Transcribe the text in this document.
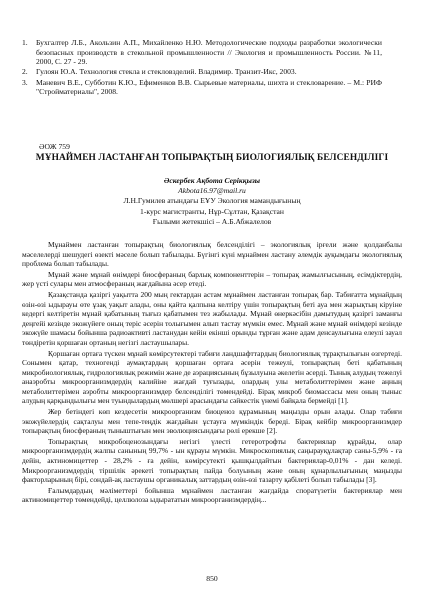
1.	Бухгалтер Л.Б., Акользин А.П., Михайленко Н.Ю. Методологические подходы разработки экологически безопасных производств в стекольной промышленности // Экология и промышленность России. №11, 2000, С. 27 - 29.
2.	Гулоян Ю.А. Технология стекла и стекловзделий. Владимир. Транзит-Икс, 2003.
3.	Маневич В.Е., Субботин К.Ю., Ефименков В.В. Сырьевые материалы, шихта и стекловарение. – М.: РИФ "Стройматериалы", 2008.
ӘОЖ 759
МҰНАЙМЕН ЛАСТАНҒАН ТОПЫРАҚТЫҢ БИОЛОГИЯЛЫҚ БЕЛСЕНДІЛІГІ
Әскербек Ақбота Серікқызы
Akbota16.97@mail.ru
Л.Н.Гумилев атындағы ЕҰУ Экология мамандығының
1-курс магистранты, Нұр-Сұлтан, Қазақстан
Ғылыми жетекшісі – А.Б.Абжалелов

Мұнаймен ластанған топырақтың биологиялық белсенділігі – экологиялық ірғели және қолданбалы мәселелерді шешудегі өзекті мәселе болып табылады. Бүгінгі күні мұнаймен ластану әлемдік ауқымдағы экологиялық проблема болып табылады.

Мұнай және мұнай өнімдері биосфераның барлық компоненттерін – топырақ жамылғысының, есімдіктердің, жер үсті сулары мен атмосфераның жағдайына әсер етеді.

Қазақстанда қазіргі уақытта 200 мың гектардан астам мұнаймен ластанған топырақ бар. Табиғатта мұнайдың өзін-өзі ыдырауы өте ұзақ уақыт алады, оны қайта қалпына келтіру үшін топырақтың беті ауа мен жарықтың кіруіне кедергі келтіретін мұнай қабатының тығыз қабатымен тез жабылады. Мұнай өнеркәсібін дамытудың қазіргі заманғы деңгейі кезінде экожүйеге оның теріс әсерін толығымен алып тастау мүмкін емес. Мұнай және мұнай өнімдері кезінде экожүйе шамасы бойынша радиоактивті ластанудан кейін екінші орынды тұрған және адам денсаулығына елеулі зауал төндіретін қоршаған ортаның негізгі ластаушылары.

Қоршаған ортаға түскен мұнай көмірсутектері табиғи ландшафттардың биологиялық тұрақтылығын өзгертеді. Сонымен қатар, техногенді аумақтардың қоршаған ортаға әсерін тежеулі, топырақтың беті қабатының микробиологиялық, гидрологиялық режимін және де аэрациясының бұзылуына әкелетін әсерді. Тынық алудың тежелуі анаэробты микроорганизмдердің калийіне жағдай туғызады, олардың улы метаболиттерімен және аңның метаболиттерімен аэробты микроорганизмдер белсенділігі төмендейді. Бірақ микроб биомассасы мен оның тыныс алудың қарқындылығы мен туындылардың мөлшері арасындағы сәйкестік үнемі байқала бермейді [1].

Жер бетіндегі көп кездесетін микроорганизм биоценоз құрамының маңызды орын алады. Олар табиғи экожүйелердің сақталуы мен тепе-теңдік жағдайын ұстауға мүмкіндік береді. Бірақ кейбір микроорганизмдер топырақтың биосфераның тыныштығын мен эволюциясындағы рөлі ерекше [2].

Топырақтың микробоценозындағы негізгі үлесті гетеротрофты бактериялар құрайды, олар микроорганизмдердің жалпы санының 99,7% - ын құрауы мүмкін. Микроскопиялық саңырауқұлақтар саны-5,9% - ға дейін, актиномицеттер - 28,2% - ға дейін, көмірсутекті қышқылдайтын бактериялар-0,01% - дан келеді. Микроорганизмдердің тіршілік әрекеті топырақтың пайда болуының және оның құнарлылығының маңызды факторларының бірі, сондай-ақ ластаушы органикалық заттардың өзін-өзі тазарту қабілеті болып табылады [3].

Ғалымдардың мәліметтері бойынша мұнаймен ластанған жағдайда споратүзетін бактериялар мен актиномицеттер төмендейді, целлюлоза ыдырататын микроорганизмдердің...

850
